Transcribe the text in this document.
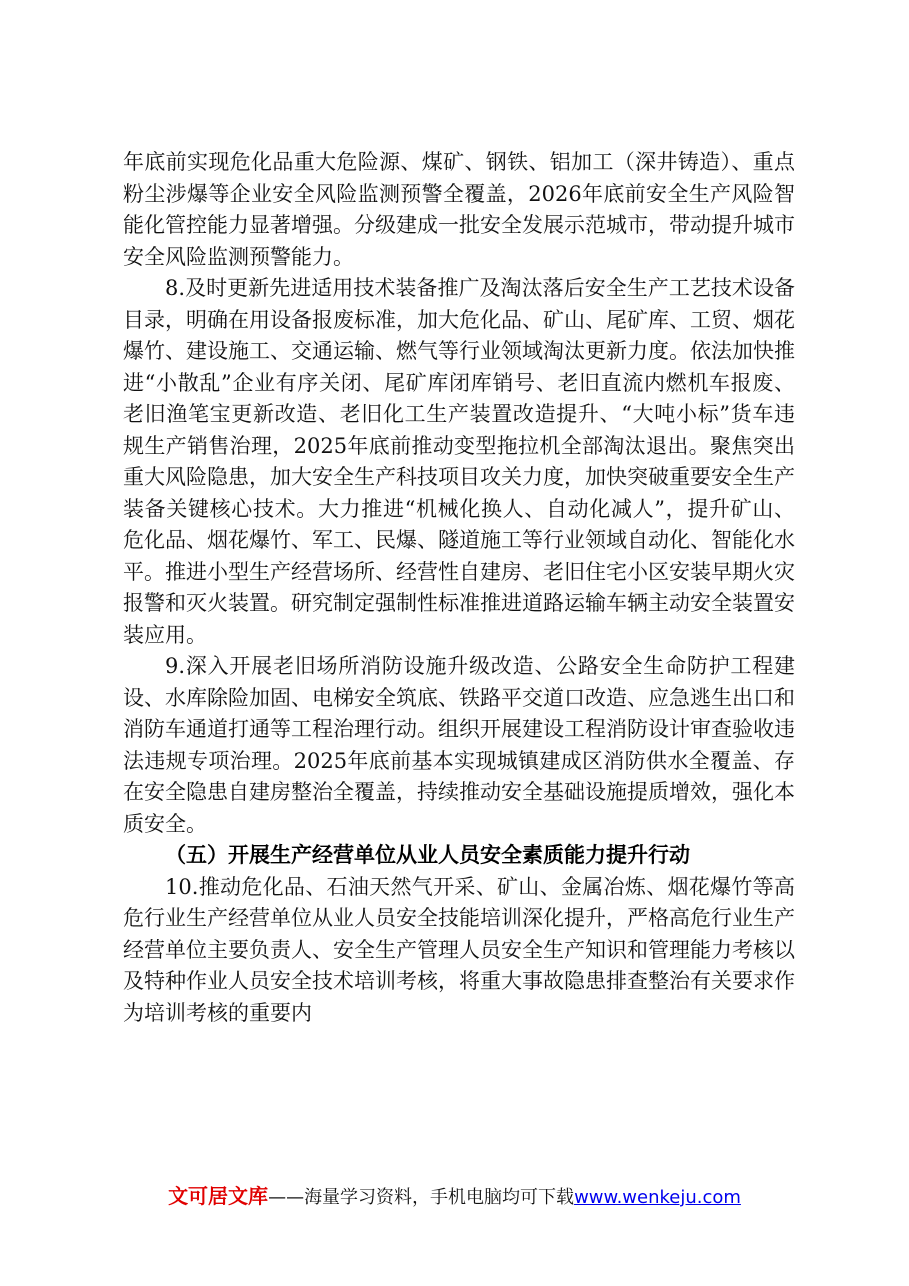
年底前实现危化品重大危险源、煤矿、钢铁、铝加工（深井铸造）、重点粉尘涉爆等企业安全风险监测预警全覆盖，2026年底前安全生产风险智能化管控能力显著增强。分级建成一批安全发展示范城市，带动提升城市安全风险监测预警能力。

8.及时更新先进适用技术装备推广及淘汰落后安全生产工艺技术设备目录，明确在用设备报废标准，加大危化品、矿山、尾矿库、工贸、烟花爆竹、建设施工、交通运输、燃气等行业领域淘汰更新力度。依法加快推进“小散乱”企业有序关闭、尾矿库闭库销号、老旧直流内燃机车报废、老旧渔笔宝更新改造、老旧化工生产装置改造提升、“大吨小标”货车违规生产销售治理，2025年底前推动变型拖拉机全部淘汰退出。聚焦突出重大风险隐患，加大安全生产科技项目攻关力度，加快突破重要安全生产装备关键核心技术。大力推进“机械化换人、自动化减人”，提升矿山、危化品、烟花爆竹、军工、民爆、隧道施工等行业领域自动化、智能化水平。推进小型生产经营场所、经营性自建房、老旧住宅小区安装早期火灾报警和灭火装置。研究制定强制性标准推进道路运输车辆主动安全装置安装应用。

9.深入开展老旧场所消防设施升级改造、公路安全生命防护工程建设、水库除险加固、电梯安全筑底、铁路平交道口改造、应急逃生出口和消防车通道打通等工程治理行动。组织开展建设工程消防设计审查验收违法违规专项治理。2025年底前基本实现城镇建成区消防供水全覆盖、存在安全隐患自建房整治全覆盖，持续推动安全基础设施提质增效，强化本质安全。

（五）开展生产经营单位从业人员安全素质能力提升行动

10.推动危化品、石油天然气开采、矿山、金属冶炼、烟花爆竹等高危行业生产经营单位从业人员安全技能培训深化提升，严格高危行业生产经营单位主要负责人、安全生产管理人员安全生产知识和管理能力考核以及特种作业人员安全技术培训考核，将重大事故隐患排查整治有关要求作为培训考核的重要内

文可居文库——海量学习资料，手机电脑均可下载www.wenkeju.com
